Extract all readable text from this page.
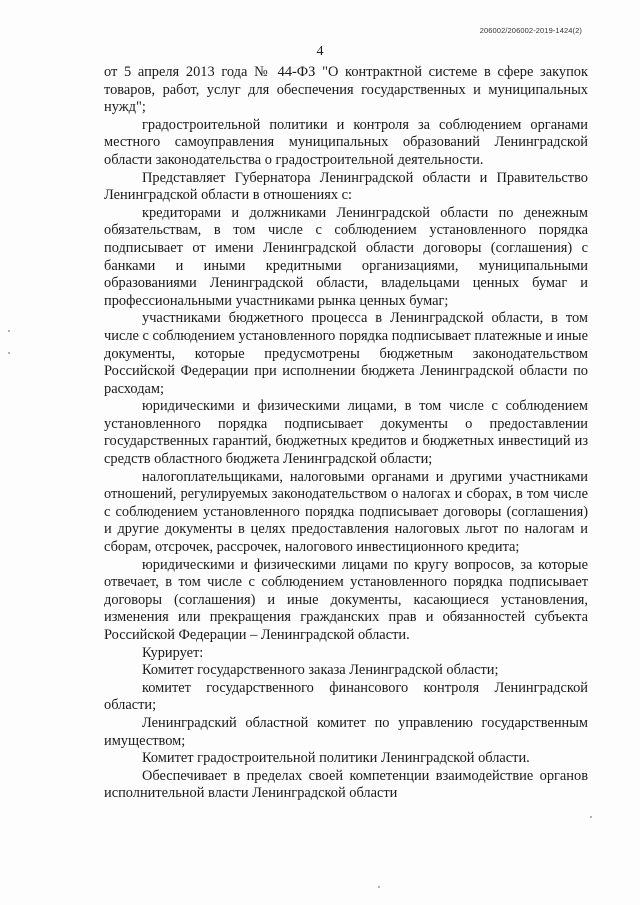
206002/206002-2019-1424(2)
4

от 5 апреля 2013 года № 44-ФЗ "О контрактной системе в сфере закупок товаров, работ, услуг для обеспечения государственных и муниципальных нужд";

градостроительной политики и контроля за соблюдением органами местного самоуправления муниципальных образований Ленинградской области законодательства о градостроительной деятельности.

Представляет Губернатора Ленинградской области и Правительство Ленинградской области в отношениях с:

кредиторами и должниками Ленинградской области по денежным обязательствам, в том числе с соблюдением установленного порядка подписывает от имени Ленинградской области договоры (соглашения) с банками и иными кредитными организациями, муниципальными образованиями Ленинградской области, владельцами ценных бумаг и профессиональными участниками рынка ценных бумаг;

участниками бюджетного процесса в Ленинградской области, в том числе с соблюдением установленного порядка подписывает платежные и иные документы, которые предусмотрены бюджетным законодательством Российской Федерации при исполнении бюджета Ленинградской области по расходам;

юридическими и физическими лицами, в том числе с соблюдением установленного порядка подписывает документы о предоставлении государственных гарантий, бюджетных кредитов и бюджетных инвестиций из средств областного бюджета Ленинградской области;

налогоплательщиками, налоговыми органами и другими участниками отношений, регулируемых законодательством о налогах и сборах, в том числе с соблюдением установленного порядка подписывает договоры (соглашения) и другие документы в целях предоставления налоговых льгот по налогам и сборам, отсрочек, рассрочек, налогового инвестиционного кредита;

юридическими и физическими лицами по кругу вопросов, за которые отвечает, в том числе с соблюдением установленного порядка подписывает договоры (соглашения) и иные документы, касающиеся установления, изменения или прекращения гражданских прав и обязанностей субъекта Российской Федерации – Ленинградской области.

Курирует:

Комитет государственного заказа Ленинградской области;

комитет государственного финансового контроля Ленинградской области;

Ленинградский областной комитет по управлению государственным имуществом;

Комитет градостроительной политики Ленинградской области.

Обеспечивает в пределах своей компетенции взаимодействие органов исполнительной власти Ленинградской области
